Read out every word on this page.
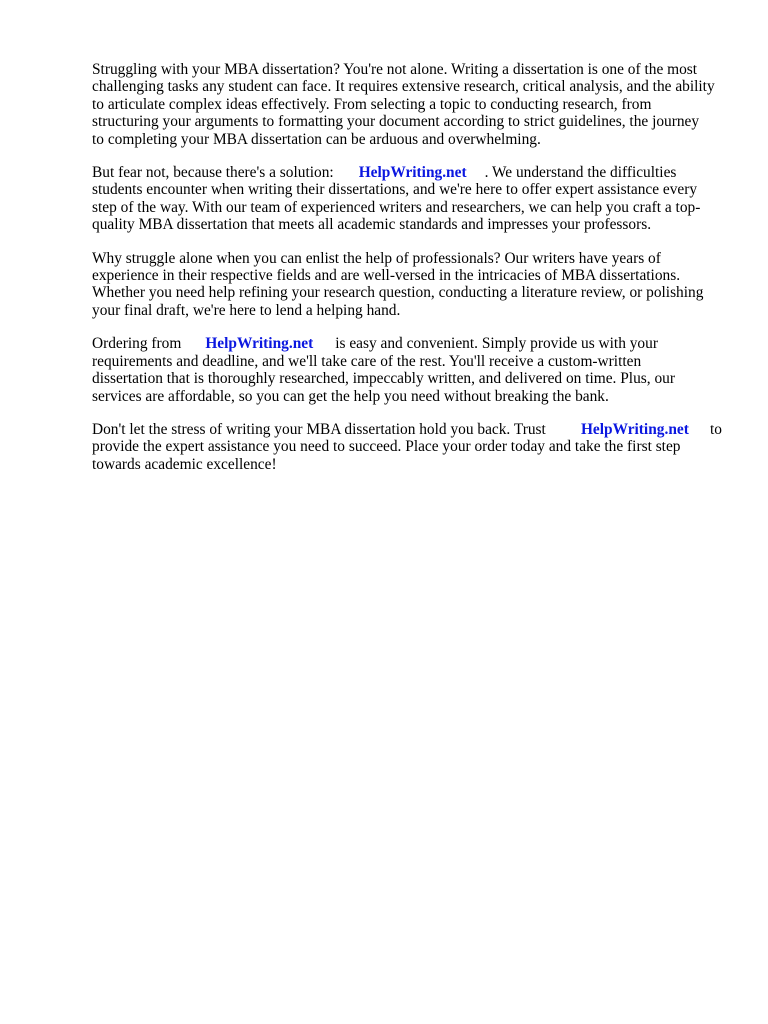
Struggling with your MBA dissertation? You're not alone. Writing a dissertation is one of the most
challenging tasks any student can face. It requires extensive research, critical analysis, and the ability
to articulate complex ideas effectively. From selecting a topic to conducting research, from
structuring your arguments to formatting your document according to strict guidelines, the journey
to completing your MBA dissertation can be arduous and overwhelming.
But fear not, because there's a solution: HelpWriting.net . We understand the difficulties
students encounter when writing their dissertations, and we're here to offer expert assistance every
step of the way. With our team of experienced writers and researchers, we can help you craft a top-
quality MBA dissertation that meets all academic standards and impresses your professors.
Why struggle alone when you can enlist the help of professionals? Our writers have years of
experience in their respective fields and are well-versed in the intricacies of MBA dissertations.
Whether you need help refining your research question, conducting a literature review, or polishing
your final draft, we're here to lend a helping hand.
Ordering from HelpWriting.net is easy and convenient. Simply provide us with your
requirements and deadline, and we'll take care of the rest. You'll receive a custom-written
dissertation that is thoroughly researched, impeccably written, and delivered on time. Plus, our
services are affordable, so you can get the help you need without breaking the bank.
Don't let the stress of writing your MBA dissertation hold you back. Trust	HelpWriting.net to
provide the expert assistance you need to succeed. Place your order today and take the first step
towards academic excellence!
